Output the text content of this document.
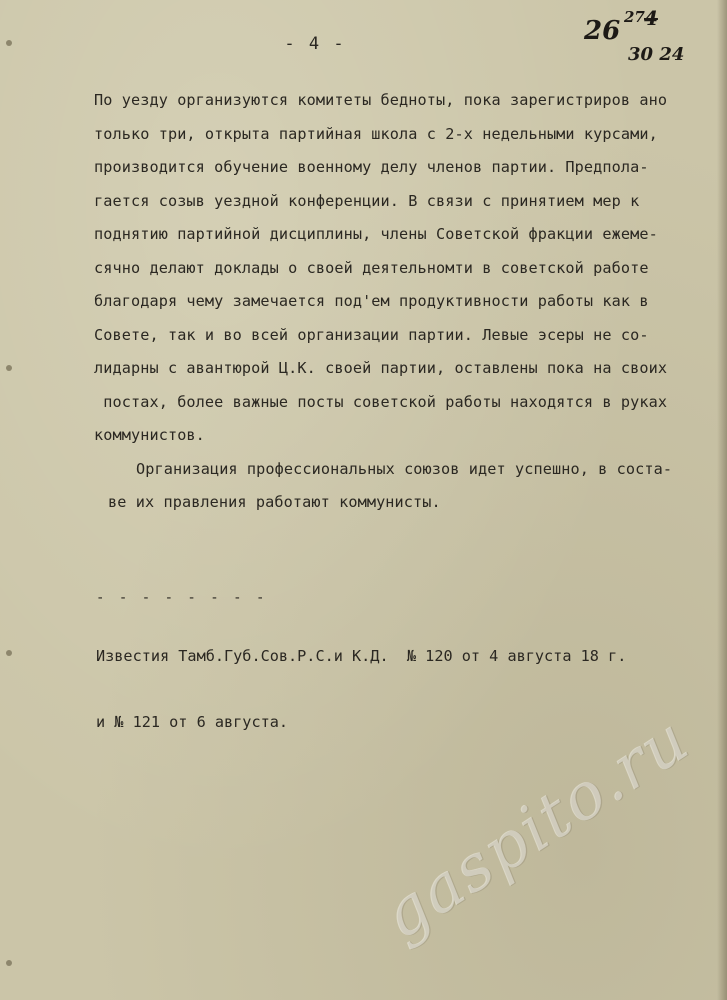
- 4 -	26 27 4
30 24
По уезду организуются комитеты бедноты, пока зарегистриров ано
только три, открыта партийная школа с 2-х недельными курсами,
производится обучение военному делу членов партии. Предпола-
гается созыв уездной конференции. В связи с принятием мер к
поднятию партийной дисциплины, члены Советской фракции ежеме-
сячно делают доклады о своей деятельномти в советской работе
благодаря чему замечается под'ем продуктивности работы как в
Совете, так и во всей организации партии. Левые эсеры не со-
лидарны с авантюрой Ц.К. своей партии, оставлены пока на своих
постах, более важные посты советской работы находятся в руках
коммунистов.
Организация профессиональных союзов идет успешно, в соста-
ве их правления работают коммунисты.
- - - - - - - -

Известия Тамб.Губ.Сов.Р.С.и К.Д.  № 120 от 4 августа 18 г.

и № 121 от 6 августа.

	gaspito.ru
